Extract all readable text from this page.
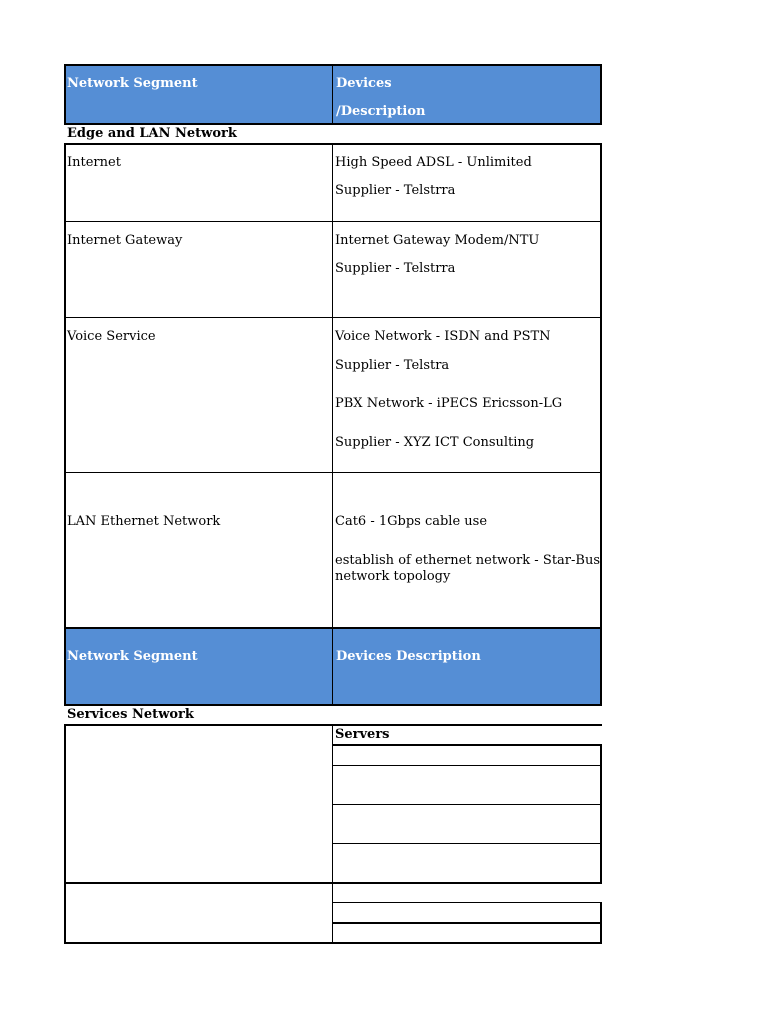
Network Segment	Devices
/Description
Edge and LAN Network
Internet	High Speed ADSL - Unlimited
Supplier - Telstrra
Internet Gateway	Internet Gateway Modem/NTU
Supplier - Telstrra
Voice Service	Voice Network - ISDN and PSTN
Supplier - Telstra
PBX Network - iPECS Ericsson-LG
Supplier - XYZ ICT Consulting
LAN Ethernet Network	Cat6 - 1Gbps cable use
establish of ethernet network - Star-Bus network topology
Network Segment	Devices Description
Services Network
Servers
